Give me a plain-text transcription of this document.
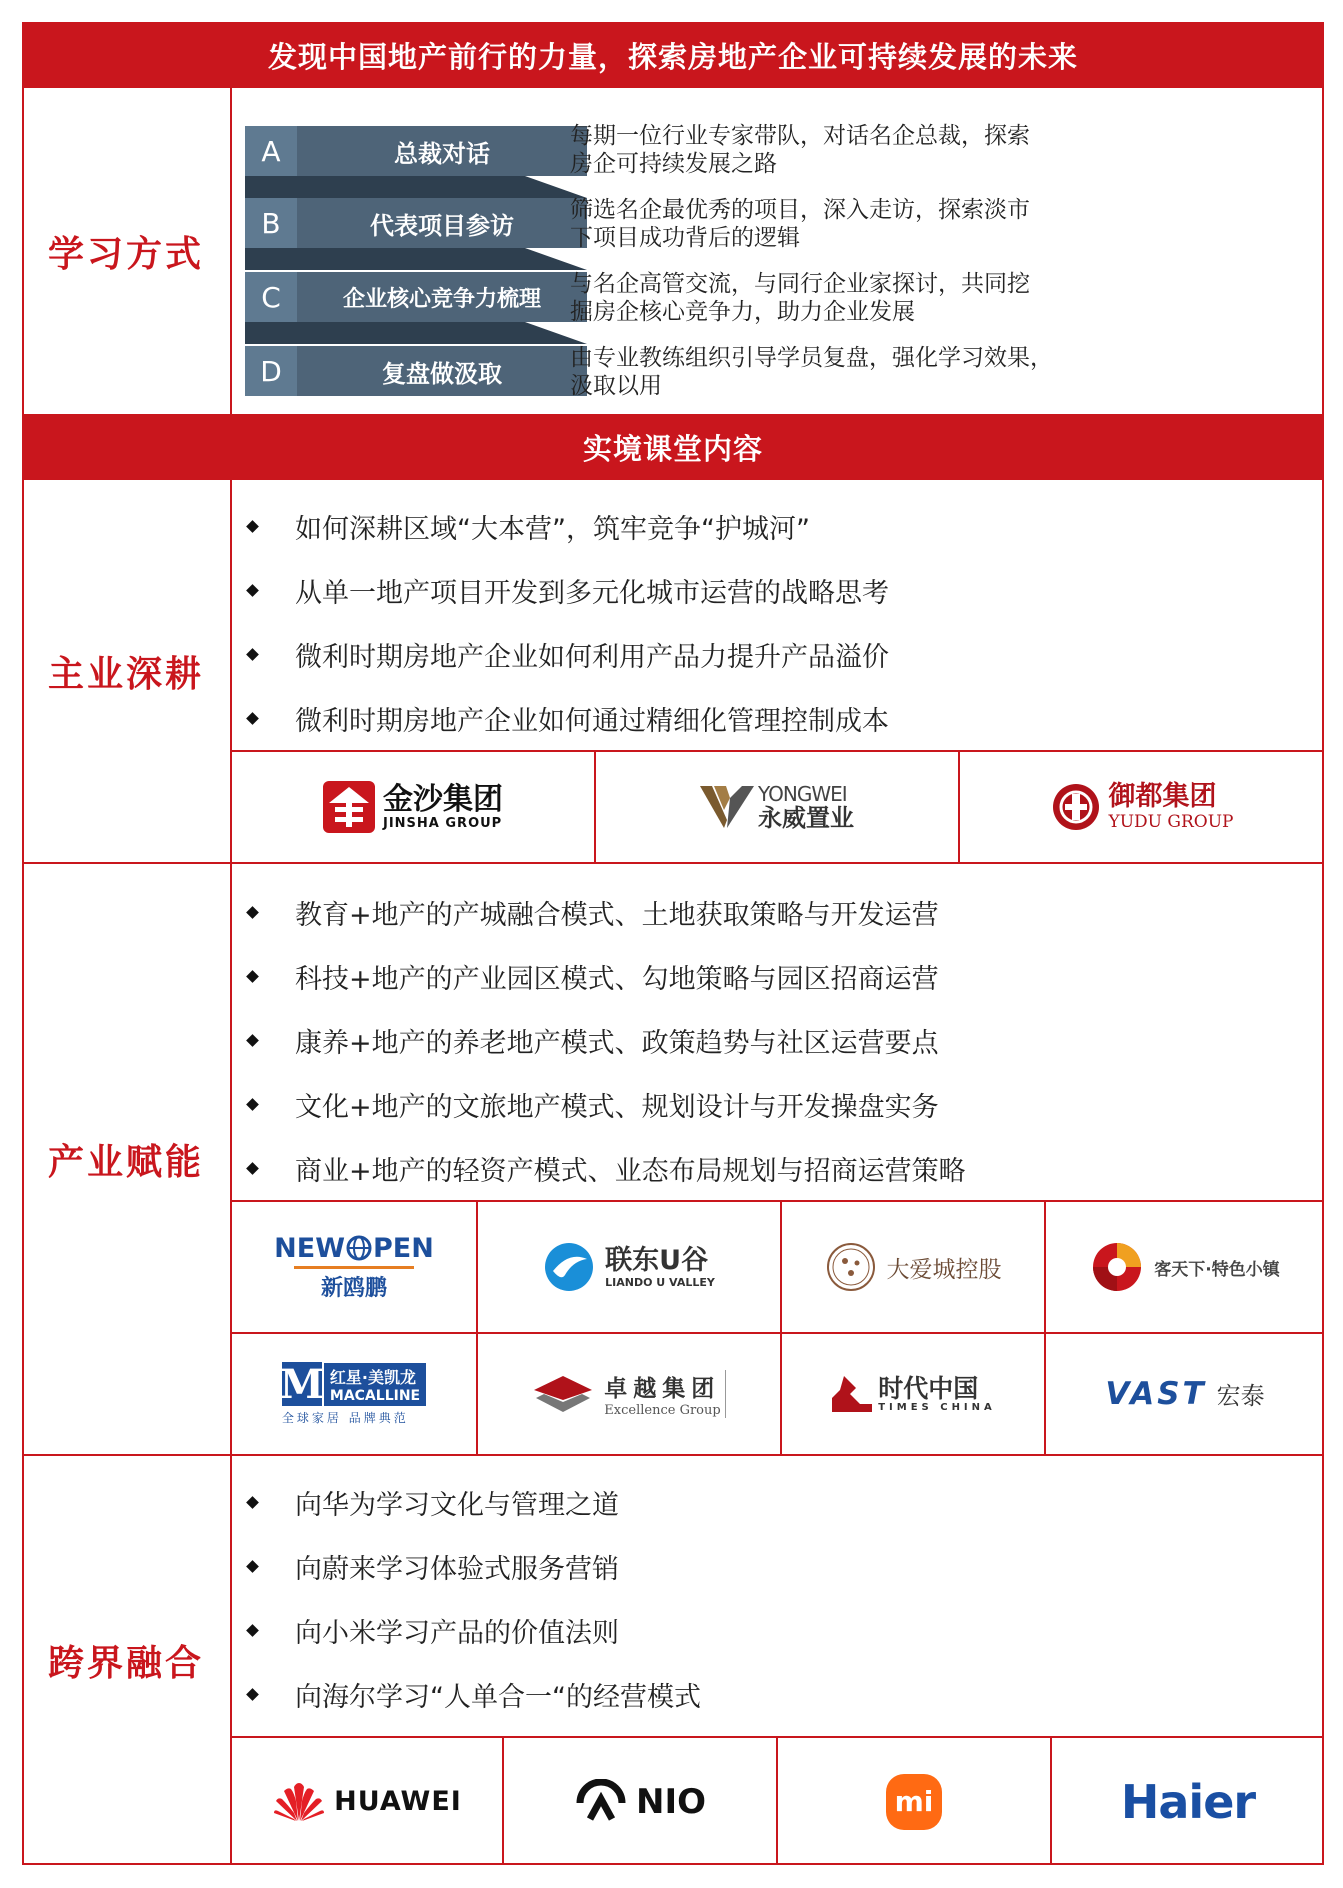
发现中国地产前行的力量，探索房地产企业可持续发展的未来
学习方式
A	总裁对话
每期一位行业专家带队，对话名企总裁，探索
房企可持续发展之路
B	代表项目参访
筛选名企最优秀的项目，深入走访，探索淡市
下项目成功背后的逻辑
C	企业核心竞争力梳理
与名企高管交流，与同行企业家探讨，共同挖
掘房企核心竞争力，助力企业发展
D	复盘做汲取
由专业教练组织引导学员复盘，强化学习效果，
汲取以用
实境课堂内容
主业深耕
如何深耕区域“大本营”，筑牢竞争“护城河”
从单一地产项目开发到多元化城市运营的战略思考
微利时期房地产企业如何利用产品力提升产品溢价
微利时期房地产企业如何通过精细化管理控制成本
金沙集团
JINSHA GROUP
YONGWEI
永威置业
御都集团
YUDU GROUP
产业赋能
教育+地产的产城融合模式、土地获取策略与开发运营
科技+地产的产业园区模式、勾地策略与园区招商运营
康养+地产的养老地产模式、政策趋势与社区运营要点
文化+地产的文旅地产模式、规划设计与开发操盘实务
商业+地产的轻资产模式、业态布局规划与招商运营策略
NEW PEN
新鸥鹏
联东U谷
LIANDO U VALLEY	大爱城控股	客天下·特色小镇
M 红星·美凯龙
MACALLINE
全球家居 品牌典范
卓越集团
Excellence Group
时代中国
TIMES CHINA	VAST 宏泰
跨界融合
向华为学习文化与管理之道
向蔚来学习体验式服务营销
向小米学习产品的价值法则
向海尔学习“人单合一“的经营模式
HUAWEI	NIO	mi	Haier
